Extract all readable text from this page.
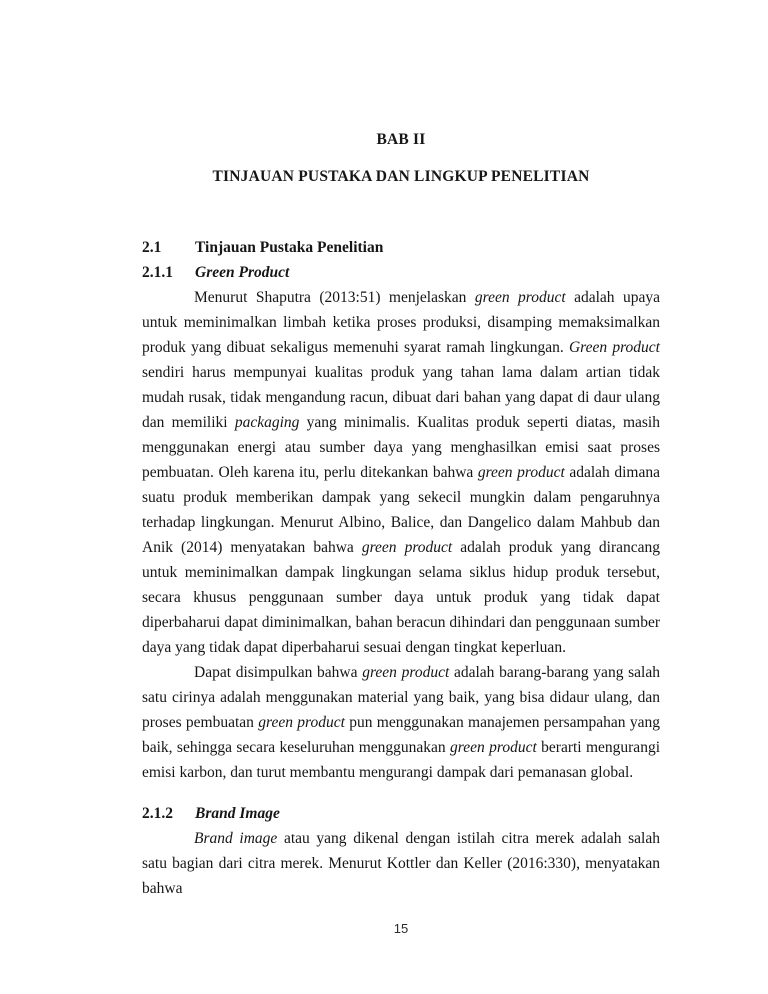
BAB II
TINJAUAN PUSTAKA DAN LINGKUP PENELITIAN
2.1	Tinjauan Pustaka Penelitian
2.1.1	Green Product

Menurut Shaputra (2013:51) menjelaskan green product adalah upaya untuk meminimalkan limbah ketika proses produksi, disamping memaksimalkan produk yang dibuat sekaligus memenuhi syarat ramah lingkungan. Green product sendiri harus mempunyai kualitas produk yang tahan lama dalam artian tidak mudah rusak, tidak mengandung racun, dibuat dari bahan yang dapat di daur ulang dan memiliki packaging yang minimalis. Kualitas produk seperti diatas, masih menggunakan energi atau sumber daya yang menghasilkan emisi saat proses pembuatan. Oleh karena itu, perlu ditekankan bahwa green product adalah dimana suatu produk memberikan dampak yang sekecil mungkin dalam pengaruhnya terhadap lingkungan. Menurut Albino, Balice, dan Dangelico dalam Mahbub dan Anik (2014) menyatakan bahwa green product adalah produk yang dirancang untuk meminimalkan dampak lingkungan selama siklus hidup produk tersebut, secara khusus penggunaan sumber daya untuk produk yang tidak dapat diperbaharui dapat diminimalkan, bahan beracun dihindari dan penggunaan sumber daya yang tidak dapat diperbaharui sesuai dengan tingkat keperluan.

Dapat disimpulkan bahwa green product adalah barang-barang yang salah satu cirinya adalah menggunakan material yang baik, yang bisa didaur ulang, dan proses pembuatan green product pun menggunakan manajemen persampahan yang baik, sehingga secara keseluruhan menggunakan green product berarti mengurangi emisi karbon, dan turut membantu mengurangi dampak dari pemanasan global.

2.1.2	Brand Image

Brand image atau yang dikenal dengan istilah citra merek adalah salah satu bagian dari citra merek. Menurut Kottler dan Keller (2016:330), menyatakan bahwa

15
